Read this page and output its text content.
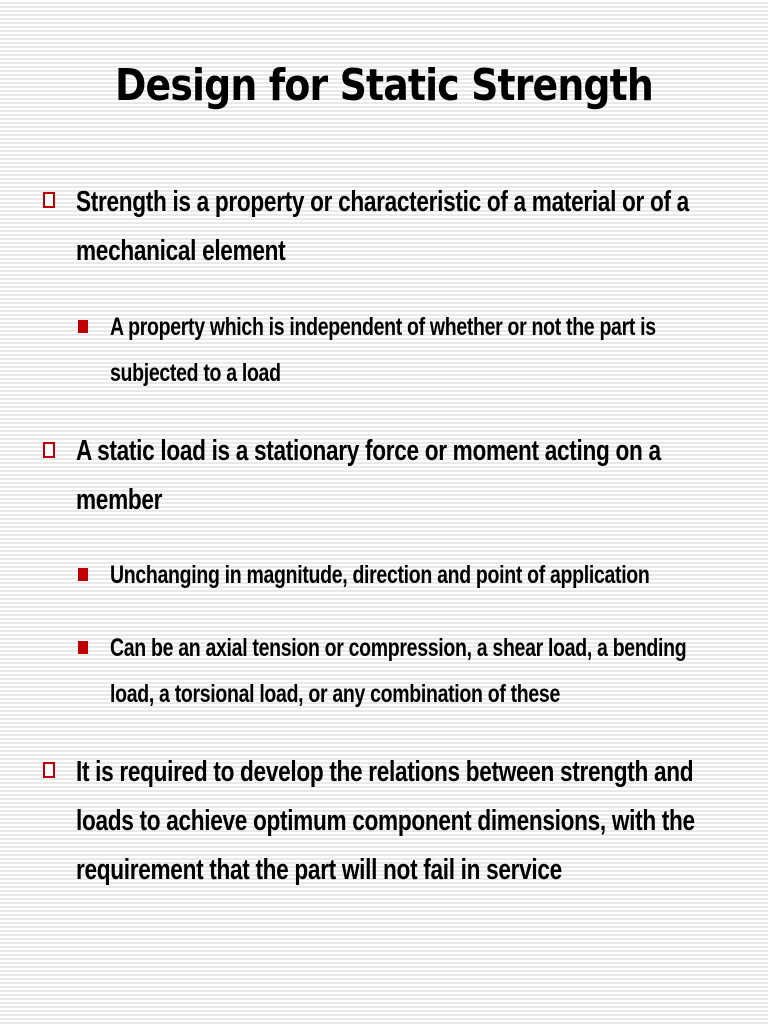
Design for Static Strength
Strength is a property or characteristic of a material or of a mechanical element
A property which is independent of whether or not the part is subjected to a load
A static load is a stationary force or moment acting on a member
Unchanging in magnitude, direction and point of application
Can be an axial tension or compression, a shear load, a bending load, a torsional load, or any combination of these
It is required to develop the relations between strength and loads to achieve optimum component dimensions, with the requirement that the part will not fail in service
